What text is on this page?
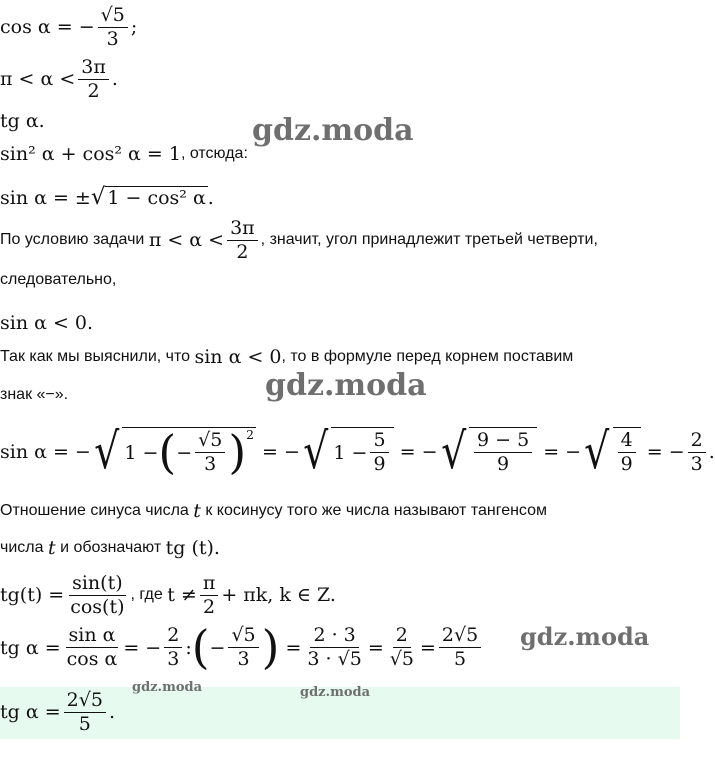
gdz.moda
gdz.moda
gdz.moda
gdz.moda	gdz.moda
cos α = − $\frac{√5}{3}$ ;
$\pi < \alpha < \frac{3\pi}{2}$ .
tg α.
sin² α + cos² α = 1 , отсюда:
sin α = ± √ 1 − cos² α .
По условию задачи
$\pi < \alpha < \frac{3\pi}{2}$ , значит, угол принадлежит третьей четверти,
следовательно,
sin α < 0.
Так как мы выяснили, что
sin α < 0 , то в формуле перед корнем поставим
знак «−».
sin α = − √ 1 − ( − $\frac{√5}{3} )^2$

= − √ $1 - \frac{5}{9}$
= − √ $\frac{9 - 5}{9}$
= − √ $\frac{4}{9}$
= − $\frac{2}{3}$ .
Отношение синуса числа
t
к косинусу того же числа называют тангенсом
числа
t
и обозначают
tg (t).
$tg(t) = \frac{\sin(t)}{\cos(t)}$ , где
$t \ne \frac{\pi}{2} + \pi k$, k ∈ Z.
tg $\alpha = \frac{\text{sin α}}{\text{cos α}}$ = − $\frac{2}{3}$ : ( − $\frac{√5}{3}$ )
= $\frac{2 \cdot 3}{3 \cdot √5} = \frac{2}{√5} = \frac{2√5}{5}$
tg $\alpha = \frac{2√5}{5}$ .
